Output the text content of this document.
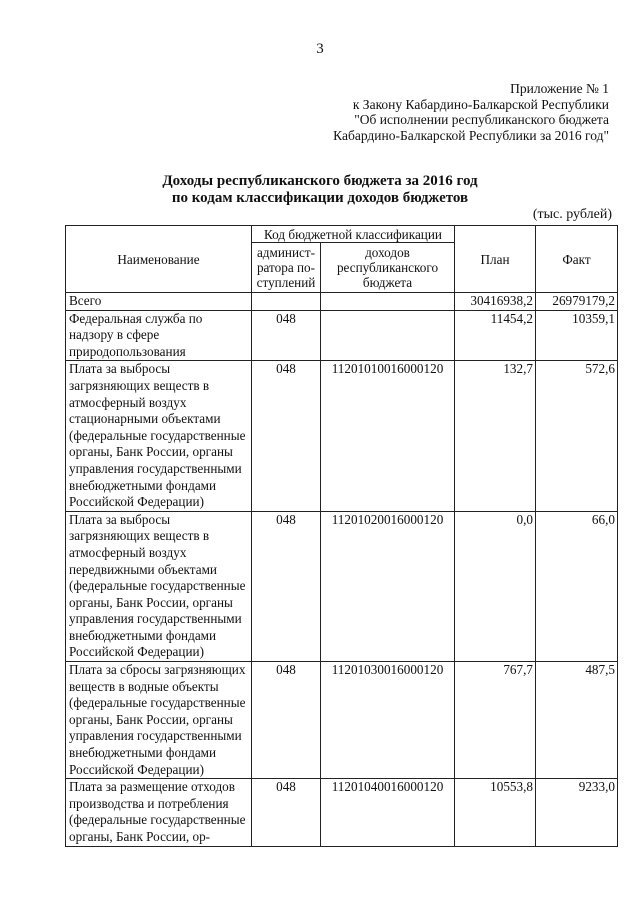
3
Приложение № 1
к Закону Кабардино-Балкарской Республики
"Об исполнении республиканского бюджета
Кабардино-Балкарской Республики за 2016 год"
Доходы республиканского бюджета за 2016 год
по кодам классификации доходов бюджетов
(тыс. рублей)
Наименование	Код бюджетной классификации		План	Факт
	админист-ратора по-ступлений	доходов республиканского бюджета		
Всего			30416938,2	26979179,2
Федеральная служба по надзору в сфере природопользования	048		11454,2	10359,1
Плата за выбросы загрязняющих веществ в атмосферный воздух стационарными объектами (федеральные государственные органы, Банк России, органы управления государственными внебюджетными фондами Российской Федерации)	048	11201010016000120	132,7	572,6
Плата за выбросы загрязняющих веществ в атмосферный воздух передвижными объектами (федеральные государственные органы, Банк России, органы управления государственными внебюджетными фондами Российской Федерации)	048	11201020016000120	0,0	66,0
Плата за сбросы загрязняющих веществ в водные объекты (федеральные государственные органы, Банк России, органы управления государственными внебюджетными фондами Российской Федерации)	048	11201030016000120	767,7	487,5
Плата за размещение отходов производства и потребления (федеральные государственные органы, Банк России, ор-	048	11201040016000120	10553,8	9233,0
